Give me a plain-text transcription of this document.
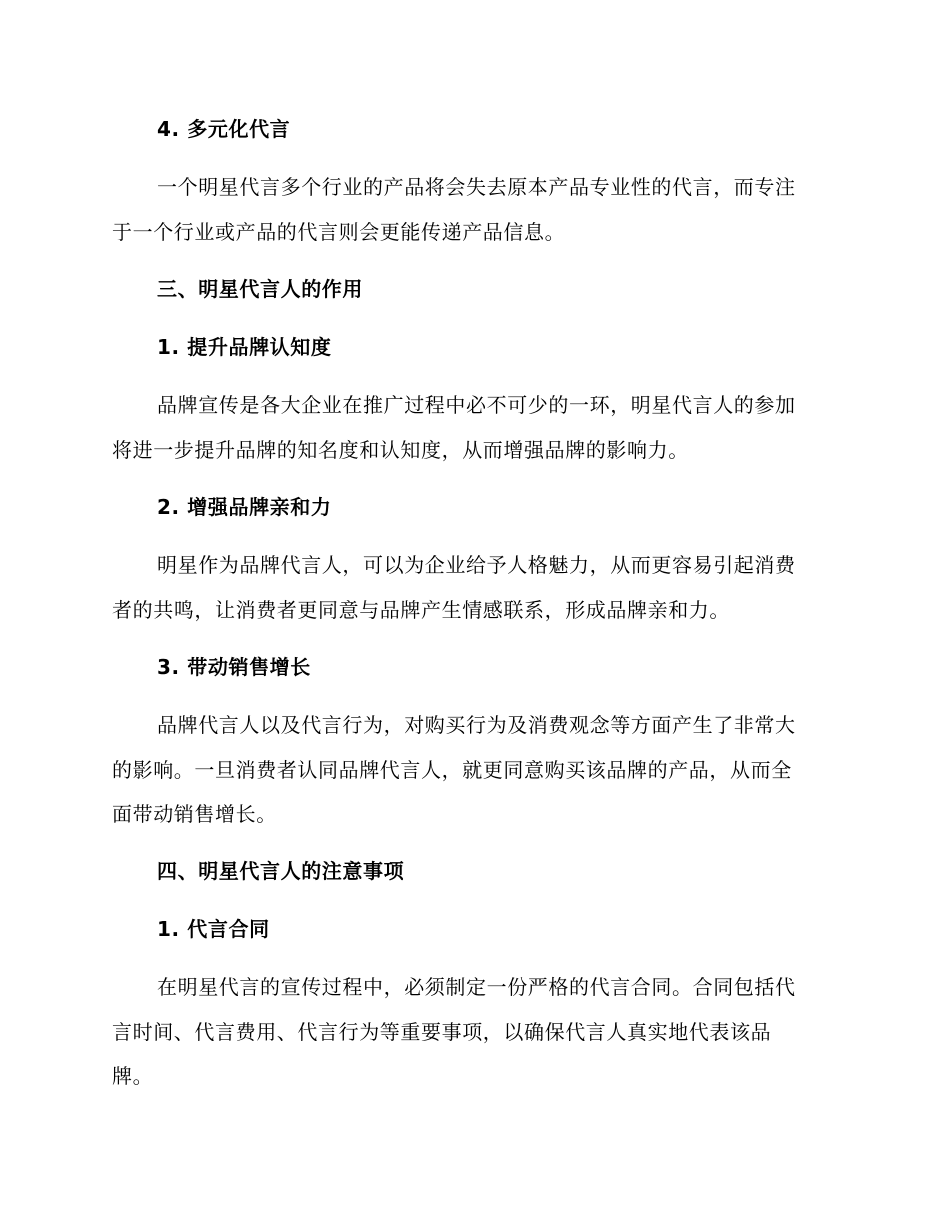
4. 多元化代言
一个明星代言多个行业的产品将会失去原本产品专业性的代言，而专注
于一个行业或产品的代言则会更能传递产品信息。
三、明星代言人的作用
1. 提升品牌认知度
品牌宣传是各大企业在推广过程中必不可少的一环，明星代言人的参加
将进一步提升品牌的知名度和认知度，从而增强品牌的影响力。
2. 增强品牌亲和力
明星作为品牌代言人，可以为企业给予人格魅力，从而更容易引起消费
者的共鸣，让消费者更同意与品牌产生情感联系，形成品牌亲和力。
3. 带动销售增长
品牌代言人以及代言行为，对购买行为及消费观念等方面产生了非常大
的影响。一旦消费者认同品牌代言人，就更同意购买该品牌的产品，从而全
面带动销售增长。
四、明星代言人的注意事项
1. 代言合同
在明星代言的宣传过程中，必须制定一份严格的代言合同。合同包括代
言时间、代言费用、代言行为等重要事项，以确保代言人真实地代表该品
牌。
